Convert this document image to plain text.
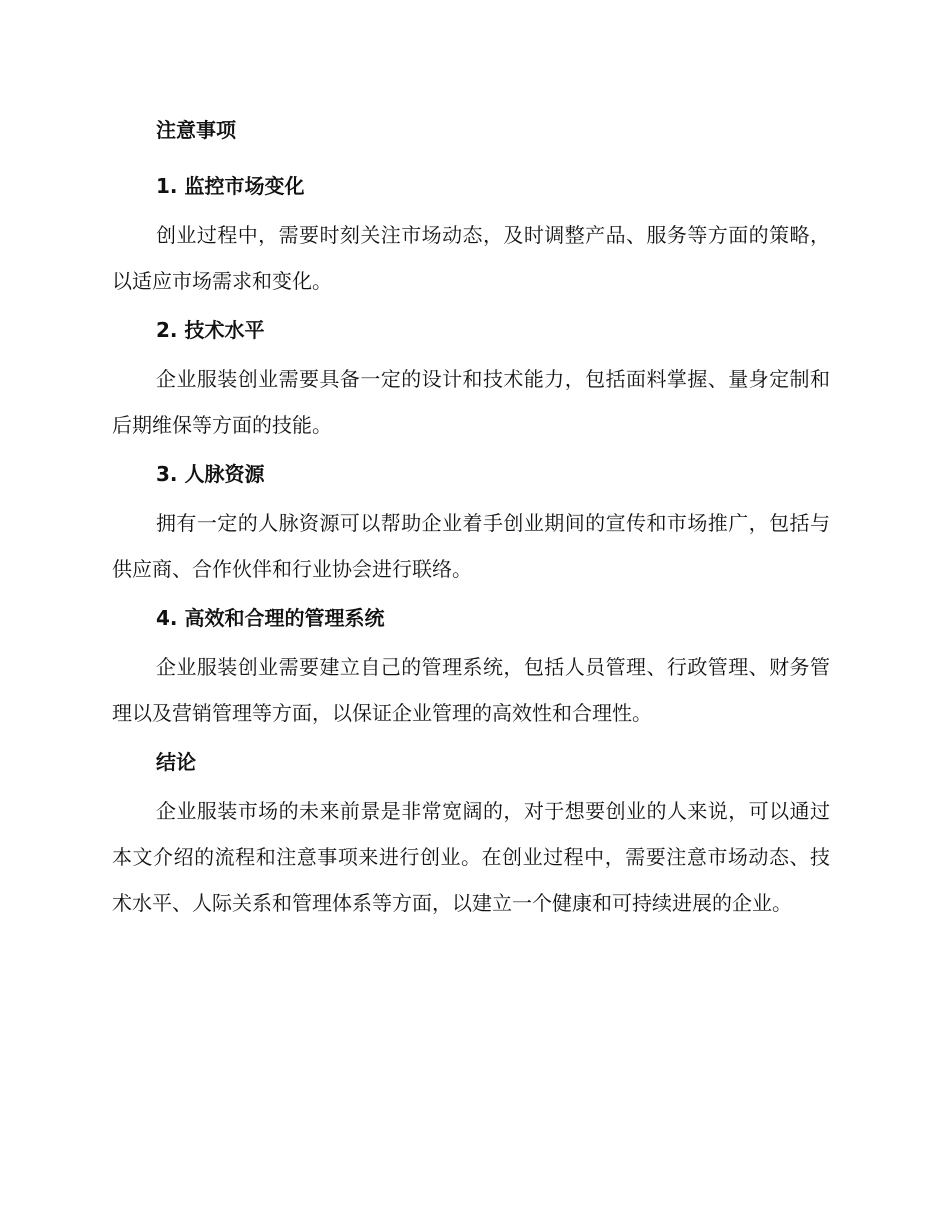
注意事项
1. 监控市场变化

创业过程中，需要时刻关注市场动态，及时调整产品、服务等方面的策略，以适应市场需求和变化。

2. 技术水平

企业服装创业需要具备一定的设计和技术能力，包括面料掌握、量身定制和后期维保等方面的技能。

3. 人脉资源

拥有一定的人脉资源可以帮助企业着手创业期间的宣传和市场推广，包括与供应商、合作伙伴和行业协会进行联络。

4. 高效和合理的管理系统

企业服装创业需要建立自己的管理系统，包括人员管理、行政管理、财务管理以及营销管理等方面，以保证企业管理的高效性和合理性。

结论

企业服装市场的未来前景是非常宽阔的，对于想要创业的人来说，可以通过本文介绍的流程和注意事项来进行创业。在创业过程中，需要注意市场动态、技术水平、人际关系和管理体系等方面，以建立一个健康和可持续进展的企业。
